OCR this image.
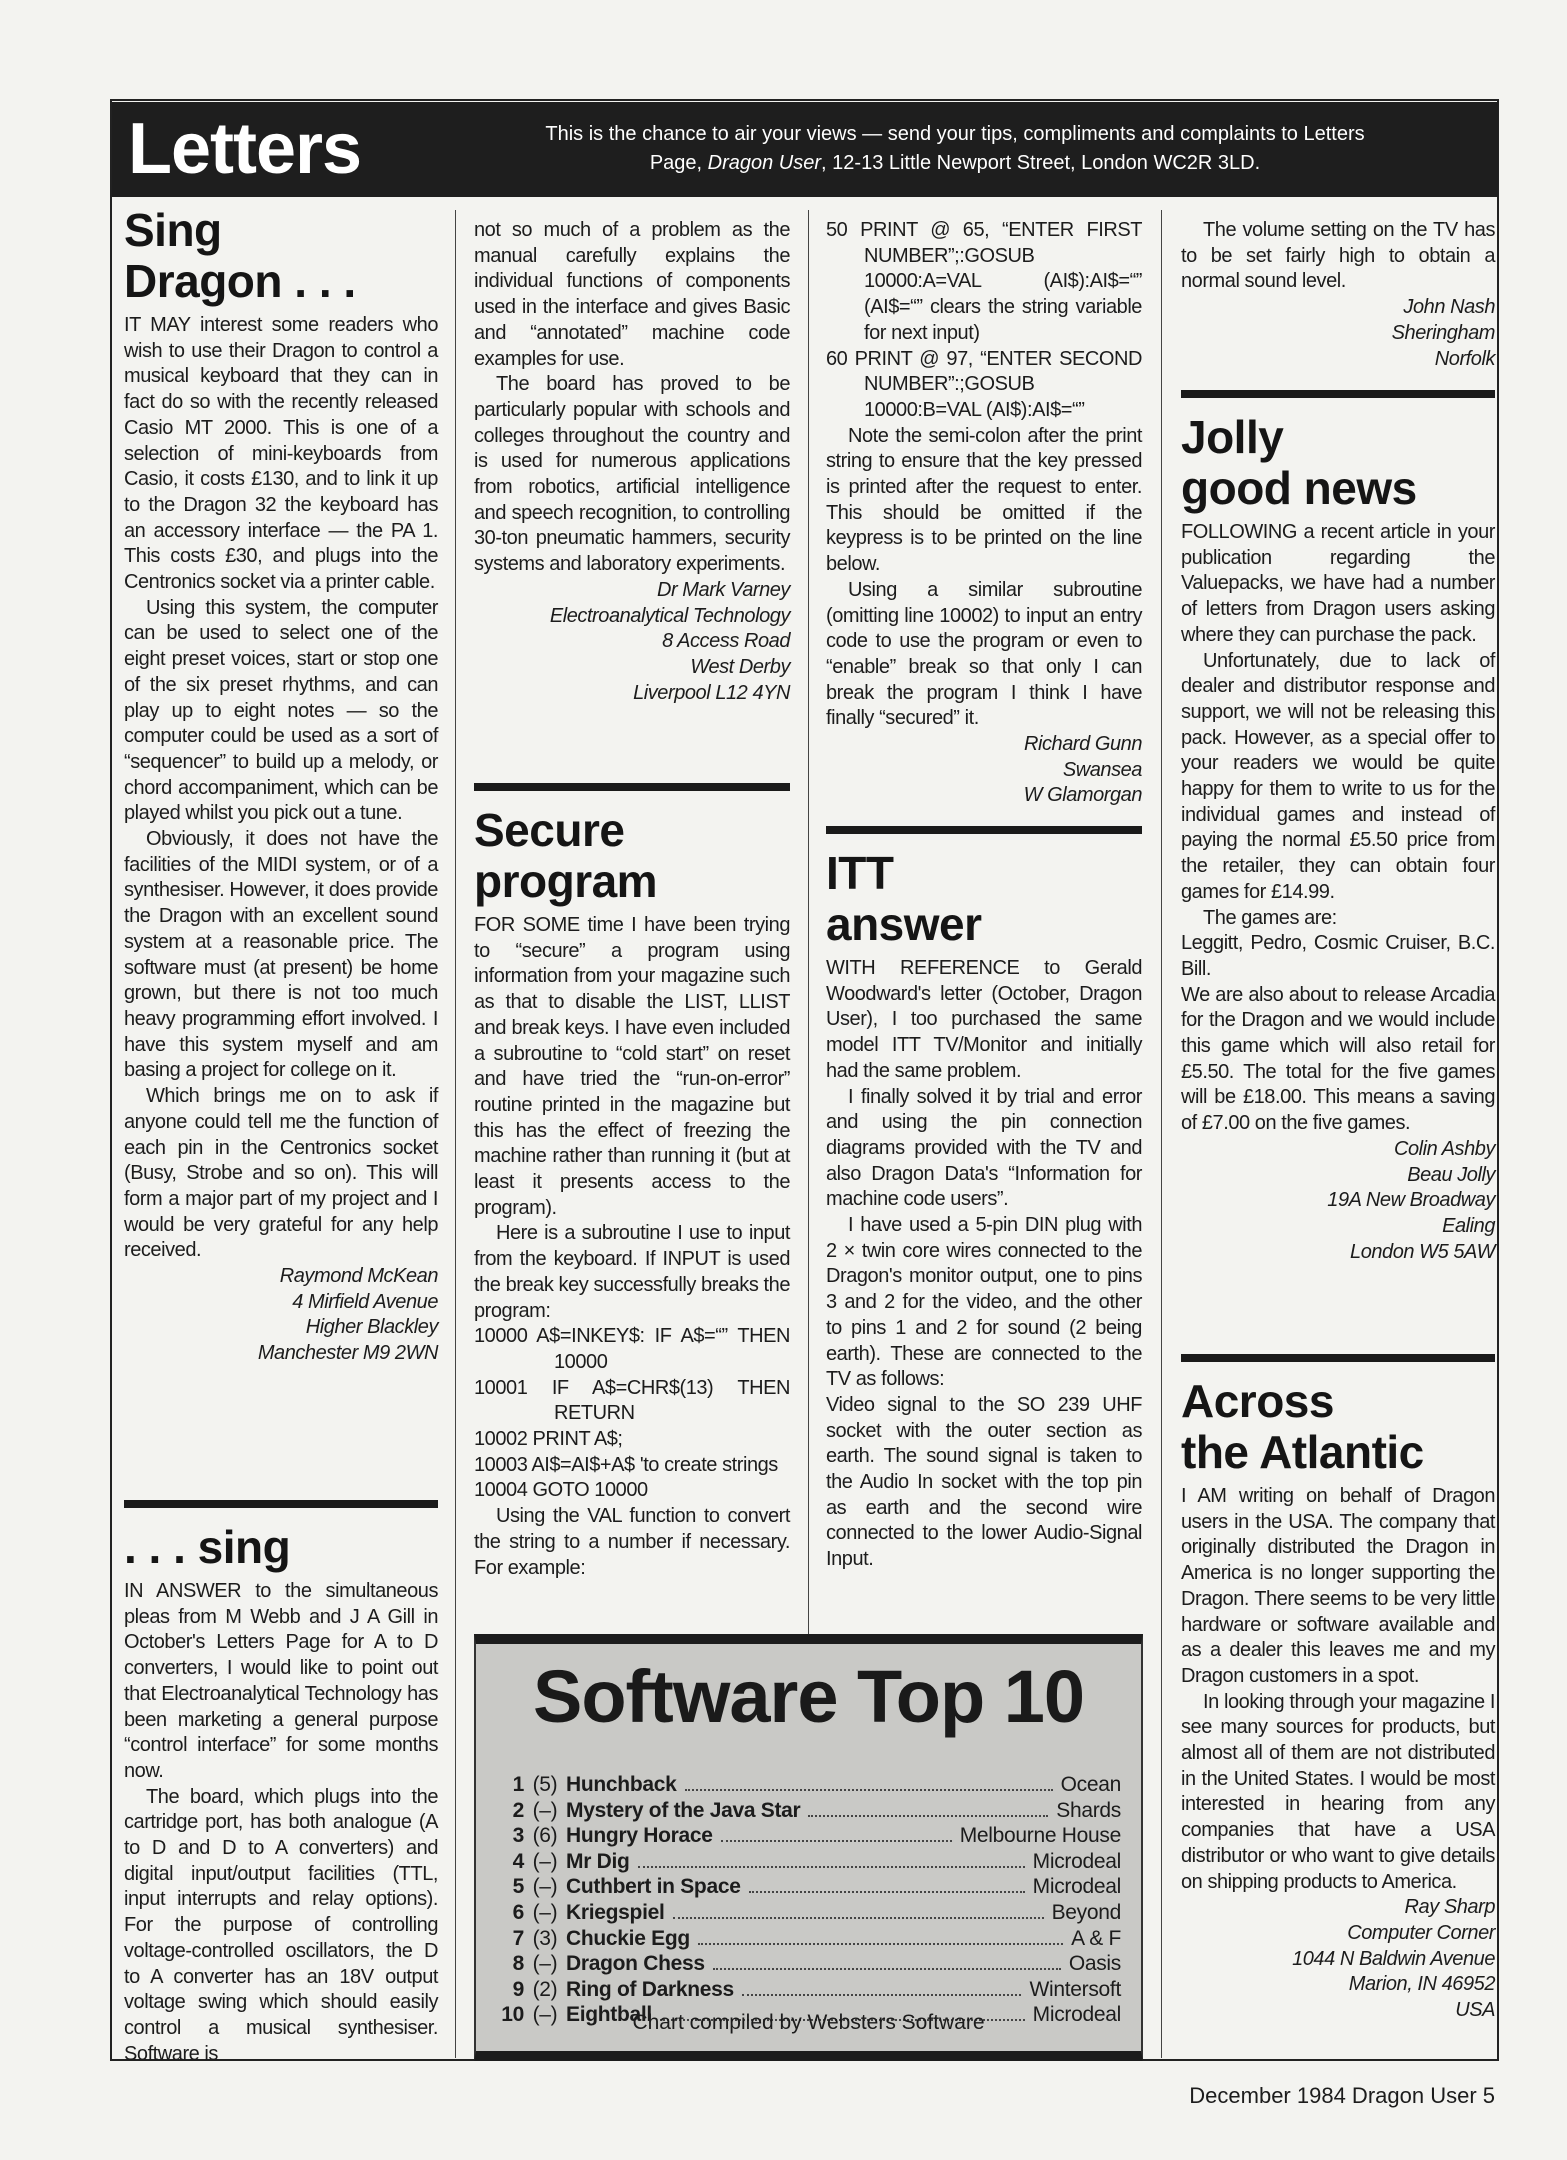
Letters	This is the chance to air your views — send your tips, compliments and complaints to Letters
Page, Dragon User, 12-13 Little Newport Street, London WC2R 3LD.
Sing
Dragon . . .
IT MAY interest some readers who wish to use their Dragon to control a musical keyboard that they can in fact do so with the recently released Casio MT 2000. This is one of a selection of mini-keyboards from Casio, it costs £130, and to link it up to the Dragon 32 the keyboard has an accessory interface — the PA 1. This costs £30, and plugs into the Centronics socket via a printer cable.
Using this system, the computer can be used to select one of the eight preset voices, start or stop one of the six preset rhythms, and can play up to eight notes — so the computer could be used as a sort of “sequencer” to build up a melody, or chord accompaniment, which can be played whilst you pick out a tune.
Obviously, it does not have the facilities of the MIDI system, or of a synthesiser. However, it does provide the Dragon with an excellent sound system at a reasonable price. The software must (at present) be home grown, but there is not too much heavy programming effort involved. I have this system myself and am basing a project for college on it.
Which brings me on to ask if anyone could tell me the function of each pin in the Centronics socket (Busy, Strobe and so on). This will form a major part of my project and I would be very grateful for any help received.
Raymond McKean
4 Mirfield Avenue
Higher Blackley
Manchester M9 2WN
. . . sing
IN ANSWER to the simultaneous pleas from M Webb and J A Gill in October's Letters Page for A to D converters, I would like to point out that Electroanalytical Technology has been marketing a general purpose “control interface” for some months now.
The board, which plugs into the cartridge port, has both analogue (A to D and D to A converters) and digital input/output facilities (TTL, input interrupts and relay options). For the purpose of controlling voltage-controlled oscillators, the D to A converter has an 18V output voltage swing which should easily control a musical synthesiser. Software is
not so much of a problem as the manual carefully explains the individual functions of components used in the interface and gives Basic and “annotated” machine code examples for use.
The board has proved to be particularly popular with schools and colleges throughout the country and is used for numerous applications from robotics, artificial intelligence and speech recognition, to controlling 30-ton pneumatic hammers, security systems and laboratory experiments.
Dr Mark Varney
Electroanalytical Technology
8 Access Road
West Derby
Liverpool L12 4YN
Secure
program
FOR SOME time I have been trying to “secure” a program using information from your magazine such as that to disable the LIST, LLIST and break keys. I have even included a subroutine to “cold start” on reset and have tried the “run-on-error” routine printed in the magazine but this has the effect of freezing the machine rather than running it (but at least it presents access to the program).
Here is a subroutine I use to input from the keyboard. If INPUT is used the break key successfully breaks the program:
10000 A$=INKEY$: IF A$=“” THEN 10000
10001 IF A$=CHR$(13) THEN RETURN
10002 PRINT A$;
10003 AI$=AI$+A$ 'to create strings
10004 GOTO 10000
Using the VAL function to convert the string to a number if necessary. For example:
50 PRINT @ 65, “ENTER FIRST NUMBER”;:GOSUB 10000:A=VAL (AI$):AI$=“” (AI$=“” clears the string variable for next input)
60 PRINT @ 97, “ENTER SECOND NUMBER”:;GOSUB 10000:B=VAL (AI$):AI$=“”
Note the semi-colon after the print string to ensure that the key pressed is printed after the request to enter. This should be omitted if the keypress is to be printed on the line below.
Using a similar subroutine (omitting line 10002) to input an entry code to use the program or even to “enable” break so that only I can break the program I think I have finally “secured” it.
Richard Gunn
Swansea
W Glamorgan
ITT
answer
WITH REFERENCE to Gerald Woodward's letter (October, Dragon User), I too purchased the same model ITT TV/Monitor and initially had the same problem.
I finally solved it by trial and error and using the pin connection diagrams provided with the TV and also Dragon Data's “Information for machine code users”.
I have used a 5-pin DIN plug with 2 × twin core wires connected to the Dragon's monitor output, one to pins 3 and 2 for the video, and the other to pins 1 and 2 for sound (2 being earth). These are connected to the TV as follows:
Video signal to the SO 239 UHF socket with the outer section as earth. The sound signal is taken to the Audio In socket with the top pin as earth and the second wire connected to the lower Audio-Signal Input.
The volume setting on the TV has to be set fairly high to obtain a normal sound level.
John Nash
Sheringham
Norfolk
Jolly
good news
FOLLOWING a recent article in your publication regarding the Valuepacks, we have had a number of letters from Dragon users asking where they can purchase the pack.
Unfortunately, due to lack of dealer and distributor response and support, we will not be releasing this pack. However, as a special offer to your readers we would be quite happy for them to write to us for the individual games and instead of paying the normal £5.50 price from the retailer, they can obtain four games for £14.99.
The games are:
Leggitt, Pedro, Cosmic Cruiser, B.C. Bill.
We are also about to release Arcadia for the Dragon and we would include this game which will also retail for £5.50. The total for the five games will be £18.00. This means a saving of £7.00 on the five games.
Colin Ashby
Beau Jolly
19A New Broadway
Ealing
London W5 5AW
Across
the Atlantic
I AM writing on behalf of Dragon users in the USA. The company that originally distributed the Dragon in America is no longer supporting the Dragon. There seems to be very little hardware or software available and as a dealer this leaves me and my Dragon customers in a spot.
In looking through your magazine I see many sources for products, but almost all of them are not distributed in the United States. I would be most interested in hearing from any companies that have a USA distributor or who want to give details on shipping products to America.
Ray Sharp
Computer Corner
1044 N Baldwin Avenue
Marion, IN 46952
USA
Software Top 10
1 (5) Hunchback	Ocean
2 (–) Mystery of the Java Star	Shards
3 (6) Hungry Horace	Melbourne House
4 (–) Mr Dig	Microdeal
5 (–) Cuthbert in Space	Microdeal
6 (–) Kriegspiel	Beyond
7 (3) Chuckie Egg	A & F
8 (–) Dragon Chess	Oasis
9 (2) Ring of Darkness	Wintersoft
10 (–) Eightball	Microdeal
Chart compiled by Websters Software
December 1984 Dragon User 5
